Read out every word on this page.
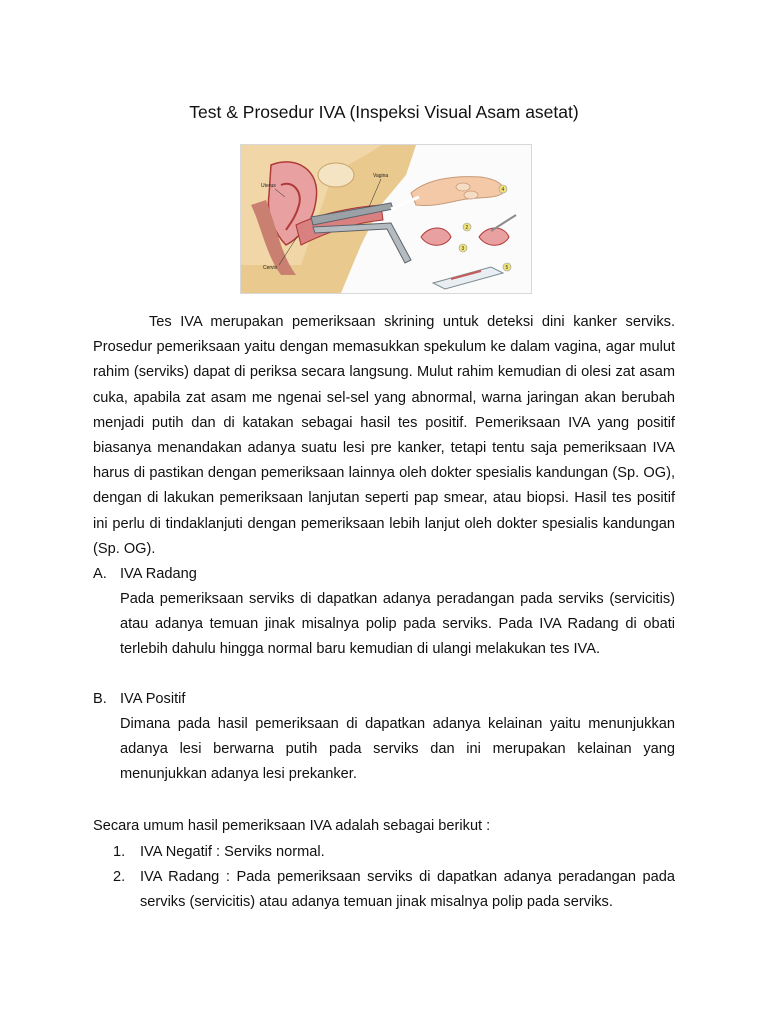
Test & Prosedur IVA (Inspeksi Visual Asam asetat)
4
2
3
5
Uterus
Vagina
Cervix

Tes IVA merupakan pemeriksaan skrining untuk deteksi dini kanker serviks. Prosedur pemeriksaan yaitu dengan memasukkan spekulum ke dalam vagina, agar mulut rahim (serviks) dapat di periksa secara langsung. Mulut rahim kemudian di olesi zat asam cuka, apabila zat asam me ngenai sel-sel yang abnormal, warna jaringan akan berubah menjadi putih dan di katakan sebagai hasil tes positif. Pemeriksaan IVA yang positif biasanya menandakan adanya suatu lesi pre kanker, tetapi tentu saja pemeriksaan IVA harus di pastikan dengan pemeriksaan lainnya oleh dokter spesialis kandungan (Sp. OG), dengan di lakukan pemeriksaan lanjutan seperti pap smear, atau biopsi. Hasil tes positif ini perlu di tindaklanjuti dengan pemeriksaan lebih lanjut oleh dokter spesialis kandungan (Sp. OG).

A. IVA Radang

Pada pemeriksaan serviks di dapatkan adanya peradangan pada serviks (servicitis) atau adanya temuan jinak misalnya polip pada serviks. Pada IVA Radang di obati terlebih dahulu hingga normal baru kemudian di ulangi melakukan tes IVA.

B. IVA Positif

Dimana pada hasil pemeriksaan di dapatkan adanya kelainan yaitu menunjukkan adanya lesi berwarna putih pada serviks dan ini merupakan kelainan yang menunjukkan adanya lesi prekanker.

Secara umum hasil pemeriksaan IVA adalah sebagai berikut :
1. IVA Negatif : Serviks normal.

2. IVA Radang : Pada pemeriksaan serviks di dapatkan adanya peradangan pada serviks (servicitis) atau adanya temuan jinak misalnya polip pada serviks.
